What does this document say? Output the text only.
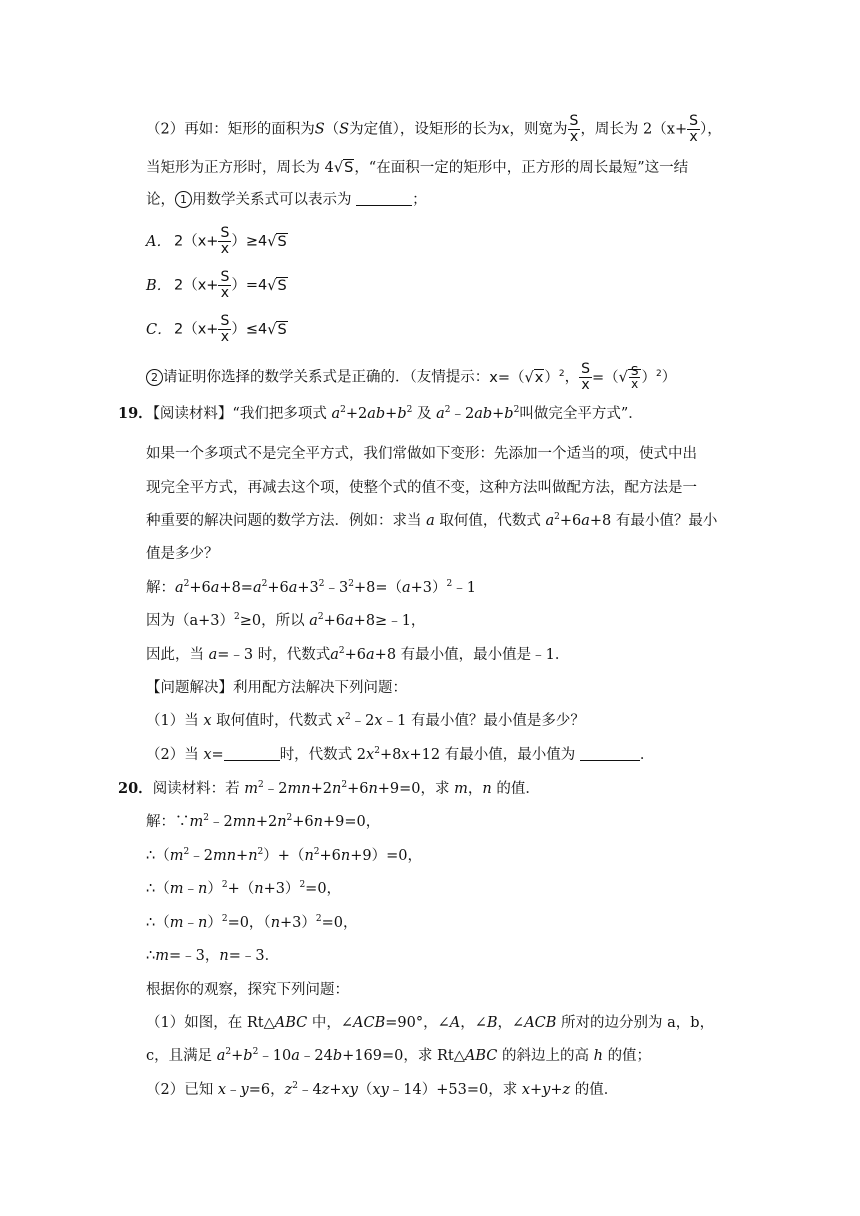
（2）再如：矩形的面积为S（S为定值），设矩形的长为x，则宽为 $\frac{S}{x}$ ，周长为 $2(x+ \frac{S}{x}$ ），
当矩形为正方形时，周长为 4√S，“在面积一定的矩形中，正方形的周长最短”这一结
论， 1 用数学关系式可以表示为	；
A． $2(x+ \frac{S}{x} )\ge 4√S$
B． $2(x+ \frac{S}{x} )=4√S$
C． $2(x+ \frac{S}{x} )\le 4√S$
2 请证明你选择的数学关系式是正确的．（友情提示：$x=(√x)^2$， $\frac{S}{x}$ =（√ $\frac{S}{x} )^2$）
19．【阅读材料】“我们把多项式 $a^2+2ab+b^2$ 及 $a^2﹣2ab+b^2$叫做完全平方式”．
如果一个多项式不是完全平方式，我们常做如下变形：先添加一个适当的项，使式中出
现完全平方式，再减去这个项，使整个式的值不变，这种方法叫做配方法，配方法是一
种重要的解决问题的数学方法．例如：求当 a 取何值，代数式 $a^2+6a+8$ 有最小值？最小
值是多少？
解：$a^2+6a+8=a^2+6a+3^2﹣3^2+8=(a+3)^2﹣1$
因为$(a+3)^2\ge 0$，所以 $a^2+6a+8\ge﹣1$，
因此，当 a=﹣3 时，代数式$a^2+6a+8$ 有最小值，最小值是﹣1．
【问题解决】利用配方法解决下列问题：
（1）当 x 取何值时，代数式 $x^2﹣2x﹣1$ 有最小值？最小值是多少？
（2）当 x=	时，代数式 $2x^2+8x+12$ 有最小值，最小值为	．
20．阅读材料：若 $m^2﹣2mn+2n^2+6n+9=0$，求 m，n 的值．
解：$\because m^2﹣2mn+2n^2+6n+9=0$，
$\therefore(m^2﹣2mn+n^2)+(n^2+6n+9)=0$，
$\therefore(m﹣n)^2+(n+3)^2=0$，
∴（m﹣n）$^2$=0，$(n+3)^2=0$，
∴m=﹣3，n=﹣3．
根据你的观察，探究下列问题：
（1）如图，在 Rt△ABC 中，∠ACB=90°，∠A，∠B，∠ACB 所对的边分别为 a，b，
c，且满足 $a^2+b^2﹣10a﹣24b+169=0$，求 Rt△ABC 的斜边上的高 h 的值；
（2）已知 x﹣y=6，$z^2﹣4z+xy(xy﹣14)+53=0$，求 x+y+z 的值．
